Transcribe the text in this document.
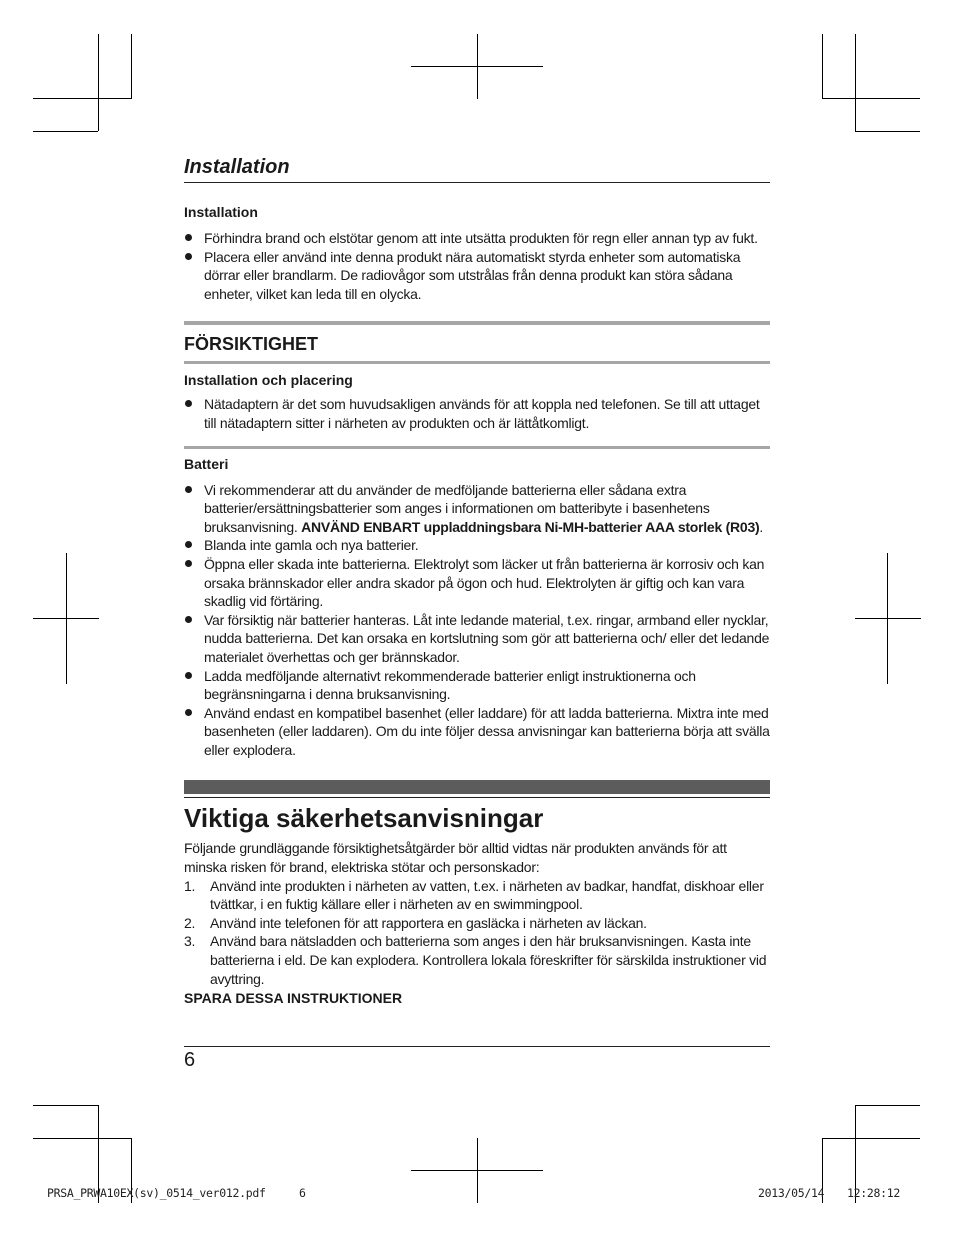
Installation
Installation
Förhindra brand och elstötar genom att inte utsätta produkten för regn eller annan typ av fukt.
Placera eller använd inte denna produkt nära automatiskt styrda enheter som automatiska dörrar eller brandlarm. De radiovågor som utstrålas från denna produkt kan störa sådana enheter, vilket kan leda till en olycka.
FÖRSIKTIGHET
Installation och placering
Nätadaptern är det som huvudsakligen används för att koppla ned telefonen. Se till att uttaget till nätadaptern sitter i närheten av produkten och är lättåtkomligt.
Batteri
Vi rekommenderar att du använder de medföljande batterierna eller sådana extra batterier/ersättningsbatterier som anges i informationen om batteribyte i basenhetens bruksanvisning. ANVÄND ENBART uppladdningsbara Ni-MH-batterier AAA storlek (R03).
Blanda inte gamla och nya batterier.
Öppna eller skada inte batterierna. Elektrolyt som läcker ut från batterierna är korrosiv och kan orsaka brännskador eller andra skador på ögon och hud. Elektrolyten är giftig och kan vara skadlig vid förtäring.
Var försiktig när batterier hanteras. Låt inte ledande material, t.ex. ringar, armband eller nycklar, nudda batterierna. Det kan orsaka en kortslutning som gör att batterierna och/ eller det ledande materialet överhettas och ger brännskador.
Ladda medföljande alternativt rekommenderade batterier enligt instruktionerna och begränsningarna i denna bruksanvisning.
Använd endast en kompatibel basenhet (eller laddare) för att ladda batterierna. Mixtra inte med basenheten (eller laddaren). Om du inte följer dessa anvisningar kan batterierna börja att svälla eller explodera.
Viktiga säkerhetsanvisningar

Följande grundläggande försiktighetsåtgärder bör alltid vidtas när produkten används för att minska risken för brand, elektriska stötar och personskador:

1. Använd inte produkten i närheten av vatten, t.ex. i närheten av badkar, handfat, diskhoar eller tvättkar, i en fuktig källare eller i närheten av en swimmingpool.
2. Använd inte telefonen för att rapportera en gasläcka i närheten av läckan.
3. Använd bara nätsladden och batterierna som anges i den här bruksanvisningen. Kasta inte batterierna i eld. De kan explodera. Kontrollera lokala föreskrifter för särskilda instruktioner vid avyttring.
SPARA DESSA INSTRUKTIONER
6
PRSA_PRWA10EX(sv)_0514_ver012.pdf	6	2013/05/14 12:28:12
